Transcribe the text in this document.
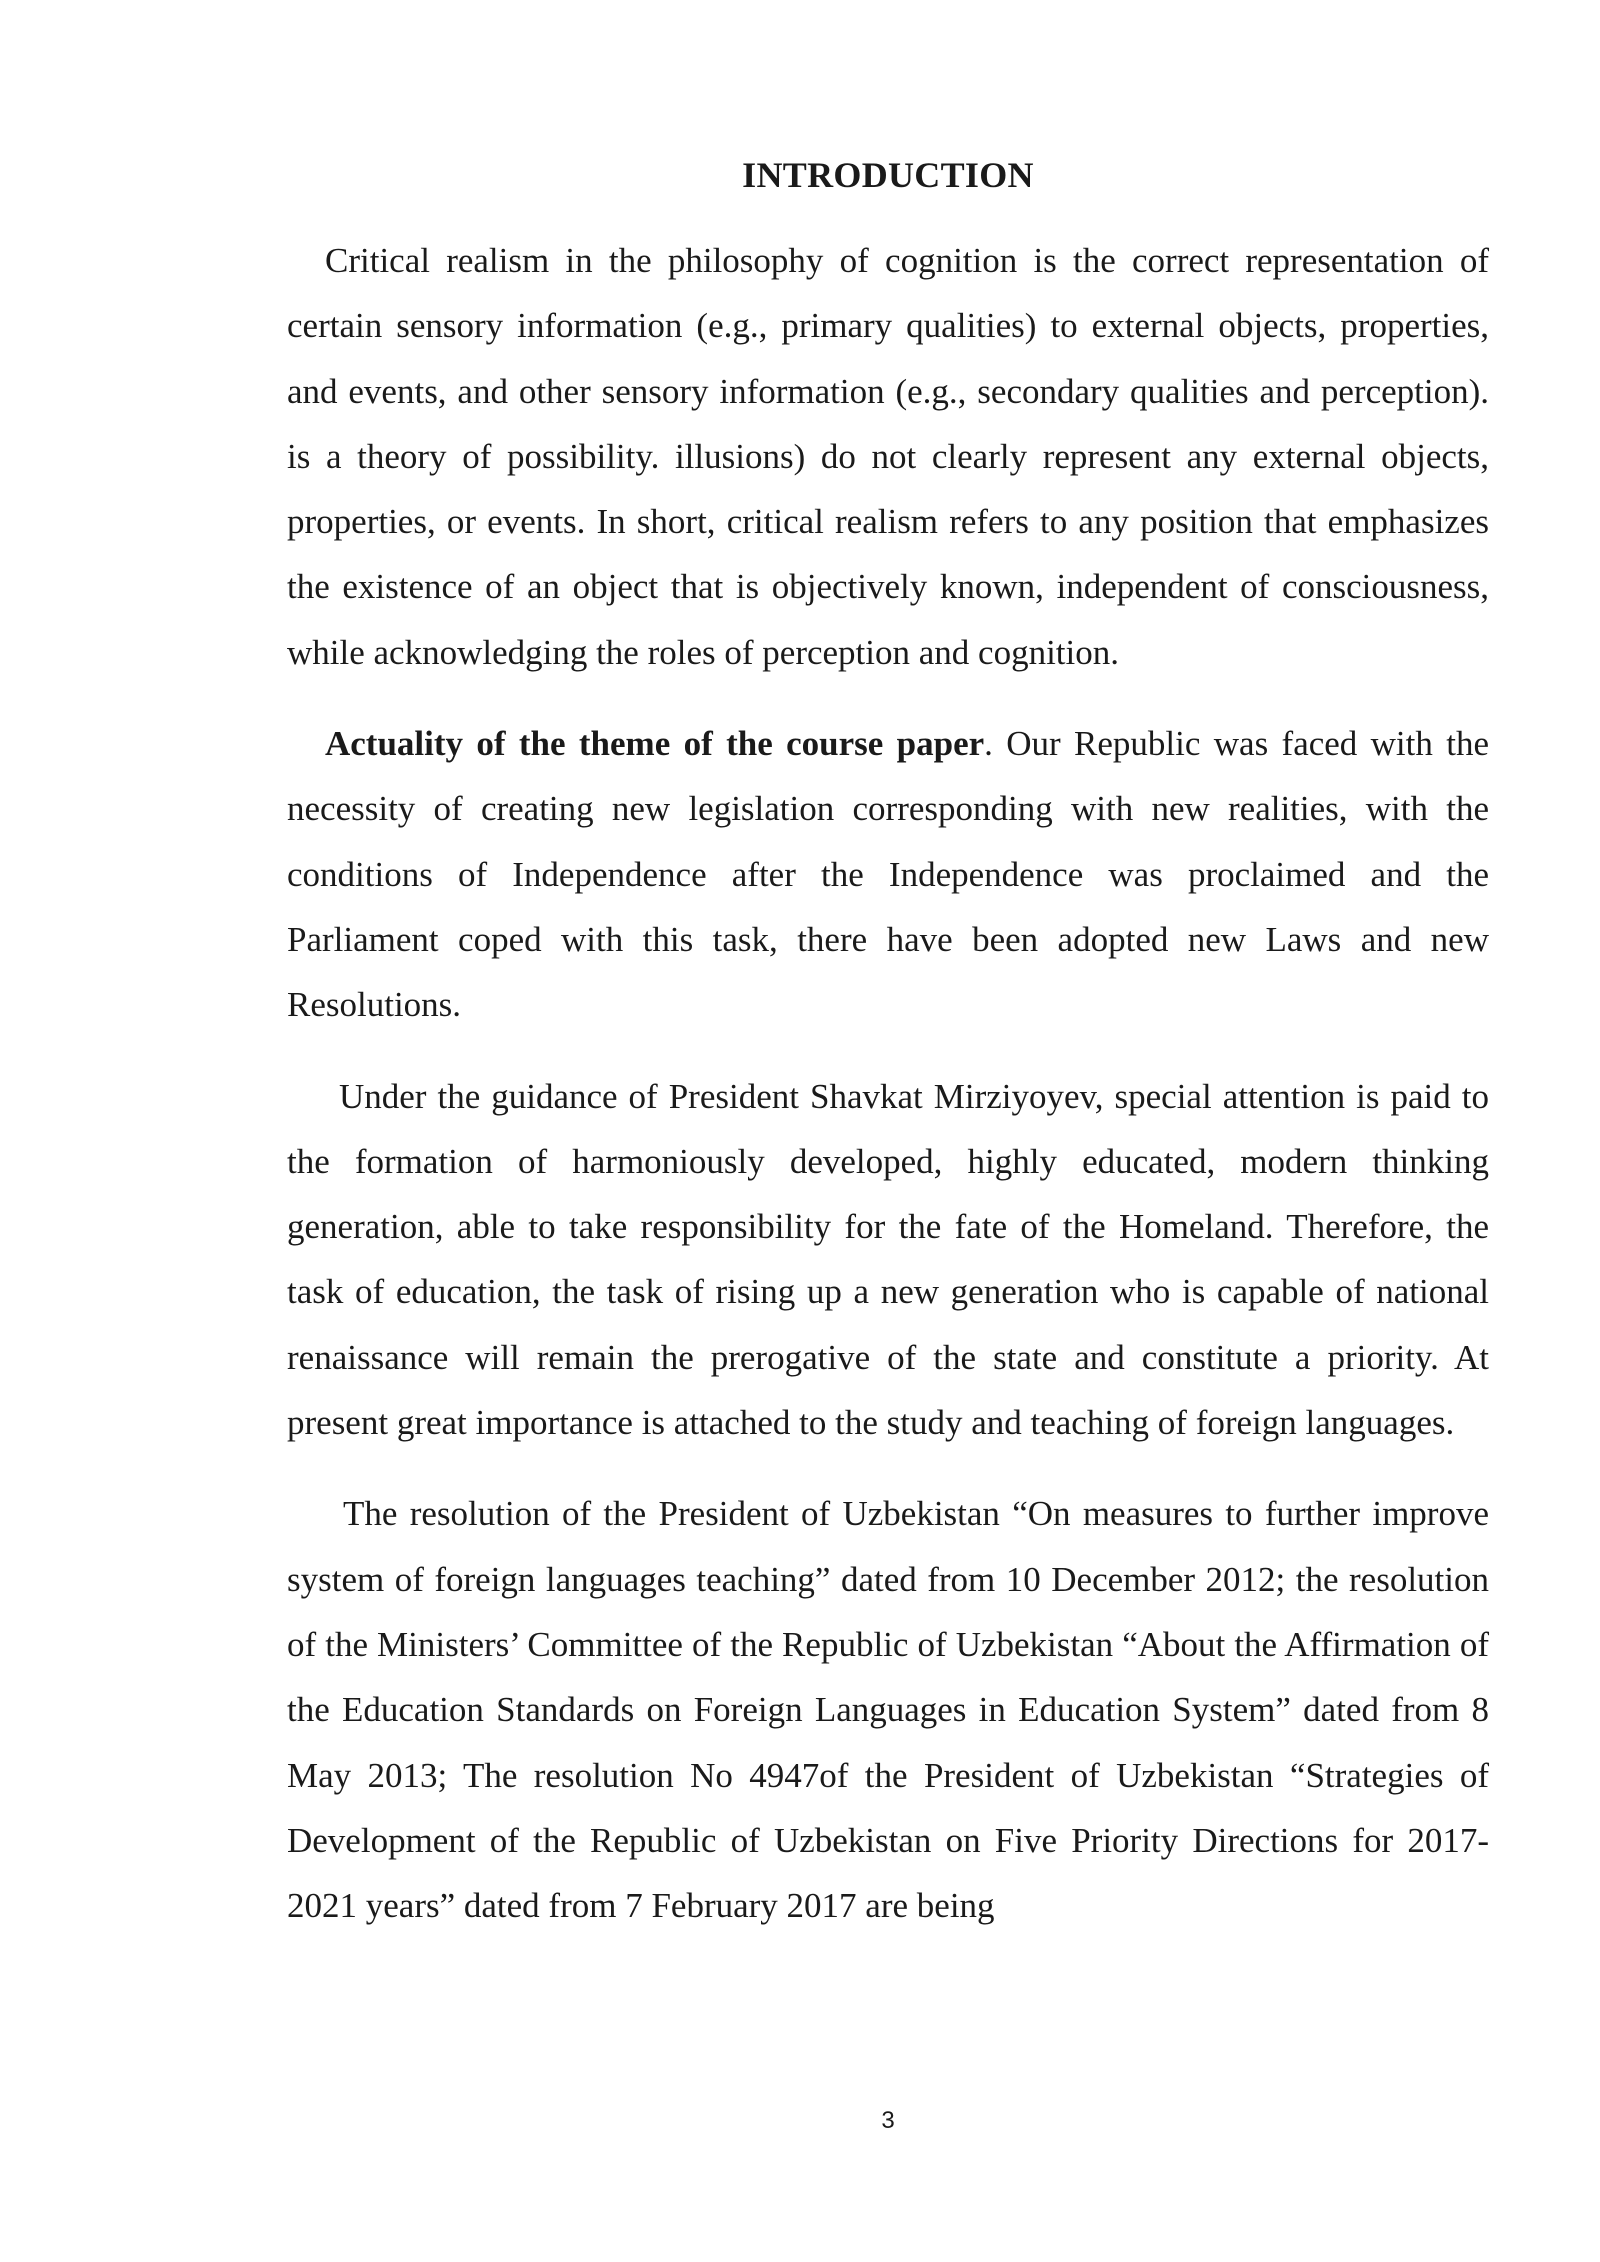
INTRODUCTION

Critical realism in the philosophy of cognition is the correct representation of certain sensory information (e.g., primary qualities) to external objects, properties, and events, and other sensory information (e.g., secondary qualities and perception). is a theory of possibility. illusions) do not clearly represent any external objects, properties, or events. In short, critical realism refers to any position that emphasizes the existence of an object that is objectively known, independent of consciousness, while acknowledging the roles of perception and cognition.

Actuality of the theme of the course paper. Our Republic was faced with the necessity of creating new legislation corresponding with new realities, with the conditions of Independence after the Independence was proclaimed and the Parliament coped with this task, there have been adopted new Laws and new Resolutions.

Under the guidance of President Shavkat Mirziyoyev, special attention is paid to the formation of harmoniously developed, highly educated, modern thinking generation, able to take responsibility for the fate of the Homeland. Therefore, the task of education, the task of rising up a new generation who is capable of national renaissance will remain the prerogative of the state and constitute a priority. At present great importance is attached to the study and teaching of foreign languages.

The resolution of the President of Uzbekistan “On measures to further improve system of foreign languages teaching” dated from 10 December 2012; the resolution of the Ministers’ Committee of the Republic of Uzbekistan “About the Affirmation of the Education Standards on Foreign Languages in Education System” dated from 8 May 2013; The resolution No 4947of the President of Uzbekistan “Strategies of Development of the Republic of Uzbekistan on Five Priority Directions for 2017-2021 years” dated from 7 February 2017 are being

3
